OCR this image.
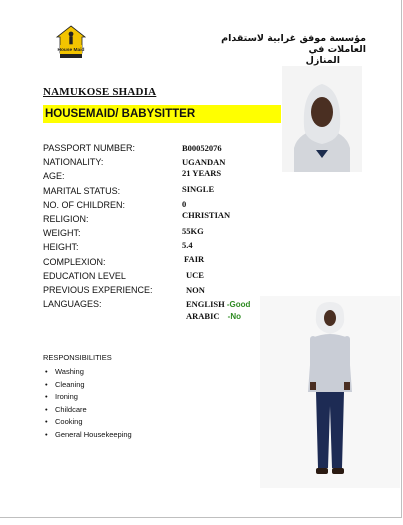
House Maid
مؤسسة موفق غرابية لاستقدام العاملات في
المنازل
NAMUKOSE SHADIA
HOUSEMAID/ BABYSITTER
PASSPORT NUMBER:
NATIONALITY:
AGE:
MARITAL STATUS:
NO. OF CHILDREN:
RELIGION:
WEIGHT:
HEIGHT:
COMPLEXION:
EDUCATION LEVEL
PREVIOUS EXPERIENCE:
LANGUAGES:
B00052076
UGANDAN
21 YEARS
SINGLE
0
CHRISTIAN
55KG
5.4
FAIR
UCE
NON
ENGLISH -Good
ARABIC -No
RESPONSIBILITIES
• Washing
• Cleaning
• Ironing
• Childcare
• Cooking
• General Housekeeping
